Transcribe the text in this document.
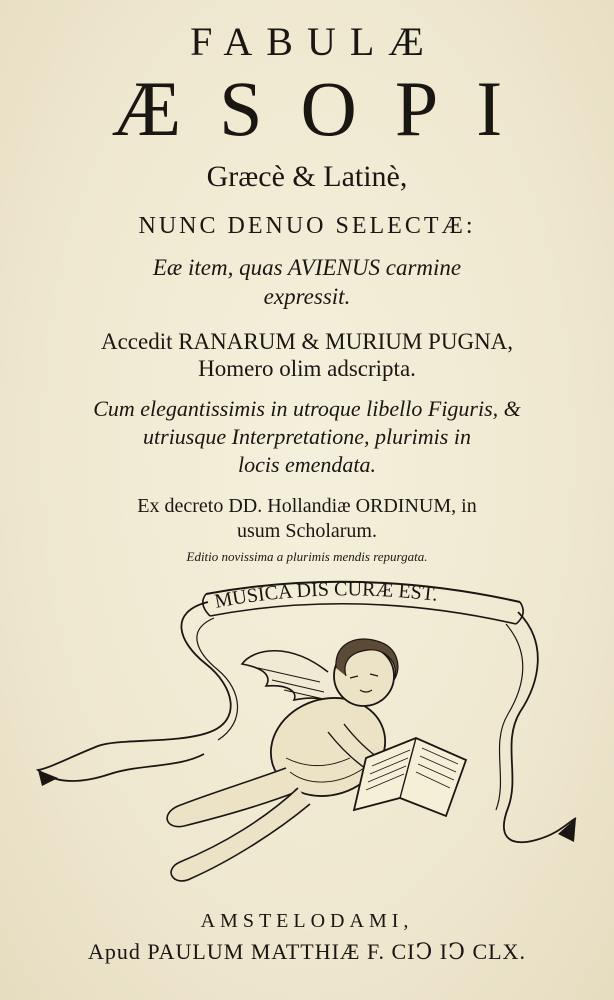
FABULÆ
ÆSOPI
Græcè & Latinè,
NUNC DENUO SELECTÆ:
Eæ item, quas AVIENUS carmine
expressit.
Accedit RANARUM & MURIUM PUGNA,
Homero olim adscripta.
Cum elegantissimis in utroque libello Figuris, &
utriusque Interpretatione, plurimis in
locis emendata.
Ex decreto DD. Hollandiæ ORDINUM, in
usum Scholarum.
Editio novissima a plurimis mendis repurgata.
MUSICA DIS CURÆ EST.
AMSTELODAMI,
Apud PAULUM MATTHIÆ F. CIↃ IↃ CLX.
